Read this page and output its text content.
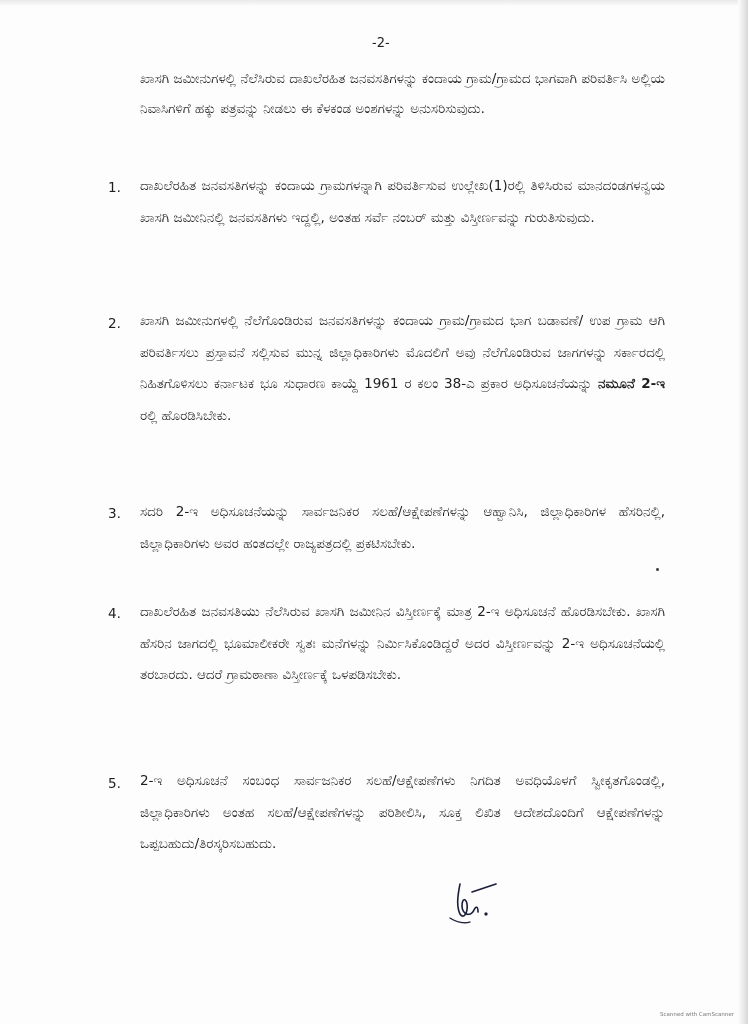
-2-

ಖಾಸಗಿ ಜಮೀನುಗಳಲ್ಲಿ ನೆಲೆಸಿರುವ ದಾಖಲೆರಹಿತ ಜನವಸತಿಗಳನ್ನು ಕಂದಾಯ ಗ್ರಾಮ/ಗ್ರಾಮದ ಭಾಗವಾಗಿ ಪರಿವರ್ತಿಸಿ ಅಲ್ಲಿಯ ನಿವಾಸಿಗಳಿಗೆ ಹಕ್ಕು ಪತ್ರವನ್ನು ನೀಡಲು ಈ ಕೆಳಕಂಡ ಅಂಶಗಳನ್ನು ಅನುಸರಿಸುವುದು.

1. ದಾಖಲೆರಹಿತ ಜನವಸತಿಗಳನ್ನು ಕಂದಾಯ ಗ್ರಾಮಗಳನ್ನಾಗಿ ಪರಿವರ್ತಿಸುವ ಉಲ್ಲೇಖ(1)ರಲ್ಲಿ ತಿಳಿಸಿರುವ ಮಾನದಂಡಗಳನ್ವಯ ಖಾಸಗಿ ಜಮೀನಿನಲ್ಲಿ ಜನವಸತಿಗಳು ಇದ್ದಲ್ಲಿ, ಅಂತಹ ಸರ್ವೆ ನಂಬರ್ ಮತ್ತು ವಿಸ್ತೀರ್ಣವನ್ನು ಗುರುತಿಸುವುದು.

2. ಖಾಸಗಿ ಜಮೀನುಗಳಲ್ಲಿ ನೆಲೆಗೊಂಡಿರುವ ಜನವಸತಿಗಳನ್ನು ಕಂದಾಯ ಗ್ರಾಮ/ಗ್ರಾಮದ ಭಾಗ ಬಡಾವಣೆ/ ಉಪ ಗ್ರಾಮ ಆಗಿ ಪರಿವರ್ತಿಸಲು ಪ್ರಸ್ತಾವನೆ ಸಲ್ಲಿಸುವ ಮುನ್ನ ಜಿಲ್ಲಾಧಿಕಾರಿಗಳು ಮೊದಲಿಗೆ ಅವು ನೆಲೆಗೊಂಡಿರುವ ಜಾಗಗಳನ್ನು ಸರ್ಕಾರದಲ್ಲಿ ನಿಹಿತಗೊಳಿಸಲು ಕರ್ನಾಟಕ ಭೂ ಸುಧಾರಣ ಕಾಯ್ದೆ 1961 ರ ಕಲಂ 38-ಎ ಪ್ರಕಾರ ಅಧಿಸೂಚನೆಯನ್ನು ನಮೂನೆ 2-ಇ ರಲ್ಲಿ ಹೊರಡಿಸಿಬೇಕು.

3. ಸದರಿ 2-ಇ ಅಧಿಸೂಚನೆಯನ್ನು ಸಾರ್ವಜನಿಕರ ಸಲಹೆ/ಆಕ್ಷೇಪಣೆಗಳನ್ನು ಆಹ್ವಾನಿಸಿ, ಜಿಲ್ಲಾಧಿಕಾರಿಗಳ ಹೆಸರಿನಲ್ಲಿ, ಜಿಲ್ಲಾಧಿಕಾರಿಗಳು ಅವರ ಹಂತದಲ್ಲೇ ರಾಜ್ಯಪತ್ರದಲ್ಲಿ ಪ್ರಕಟಿಸಬೇಕು.

4. ದಾಖಲೆರಹಿತ ಜನವಸತಿಯು ನೆಲೆಸಿರುವ ಖಾಸಗಿ ಜಮೀನಿನ ವಿಸ್ತೀರ್ಣಕ್ಕೆ ಮಾತ್ರ 2-ಇ ಅಧಿಸೂಚನೆ ಹೊರಡಿಸಬೇಕು. ಖಾಸಗಿ ಹೆಸರಿನ ಜಾಗದಲ್ಲಿ ಭೂಮಾಲೀಕರೇ ಸ್ವತಃ ಮನೆಗಳನ್ನು ನಿರ್ಮಿಸಿಕೊಂಡಿದ್ದರೆ ಅದರ ವಿಸ್ತೀರ್ಣವನ್ನು 2-ಇ ಅಧಿಸೂಚನೆಯಲ್ಲಿ ತರಬಾರದು. ಆದರೆ ಗ್ರಾಮಠಾಣಾ ವಿಸ್ತೀರ್ಣಕ್ಕೆ ಒಳಪಡಿಸಬೇಕು.

5. 2-ಇ ಅಧಿಸೂಚನೆ ಸಂಬಂಧ ಸಾರ್ವಜನಿಕರ ಸಲಹೆ/ಆಕ್ಷೇಪಣೆಗಳು ನಿಗದಿತ ಅವಧಿಯೊಳಗೆ ಸ್ವೀಕೃತಗೊಂಡಲ್ಲಿ, ಜಿಲ್ಲಾಧಿಕಾರಿಗಳು ಅಂತಹ ಸಲಹೆ/ಆಕ್ಷೇಪಣೆಗಳನ್ನು ಪರಿಶೀಲಿಸಿ, ಸೂಕ್ತ ಲಿಖಿತ ಆದೇಶದೊಂದಿಗೆ ಆಕ್ಷೇಪಣೆಗಳನ್ನು ಒಪ್ಪಬಹುದು/ತಿರಸ್ಕರಿಸಬಹುದು.

Scanned with CamScanner
